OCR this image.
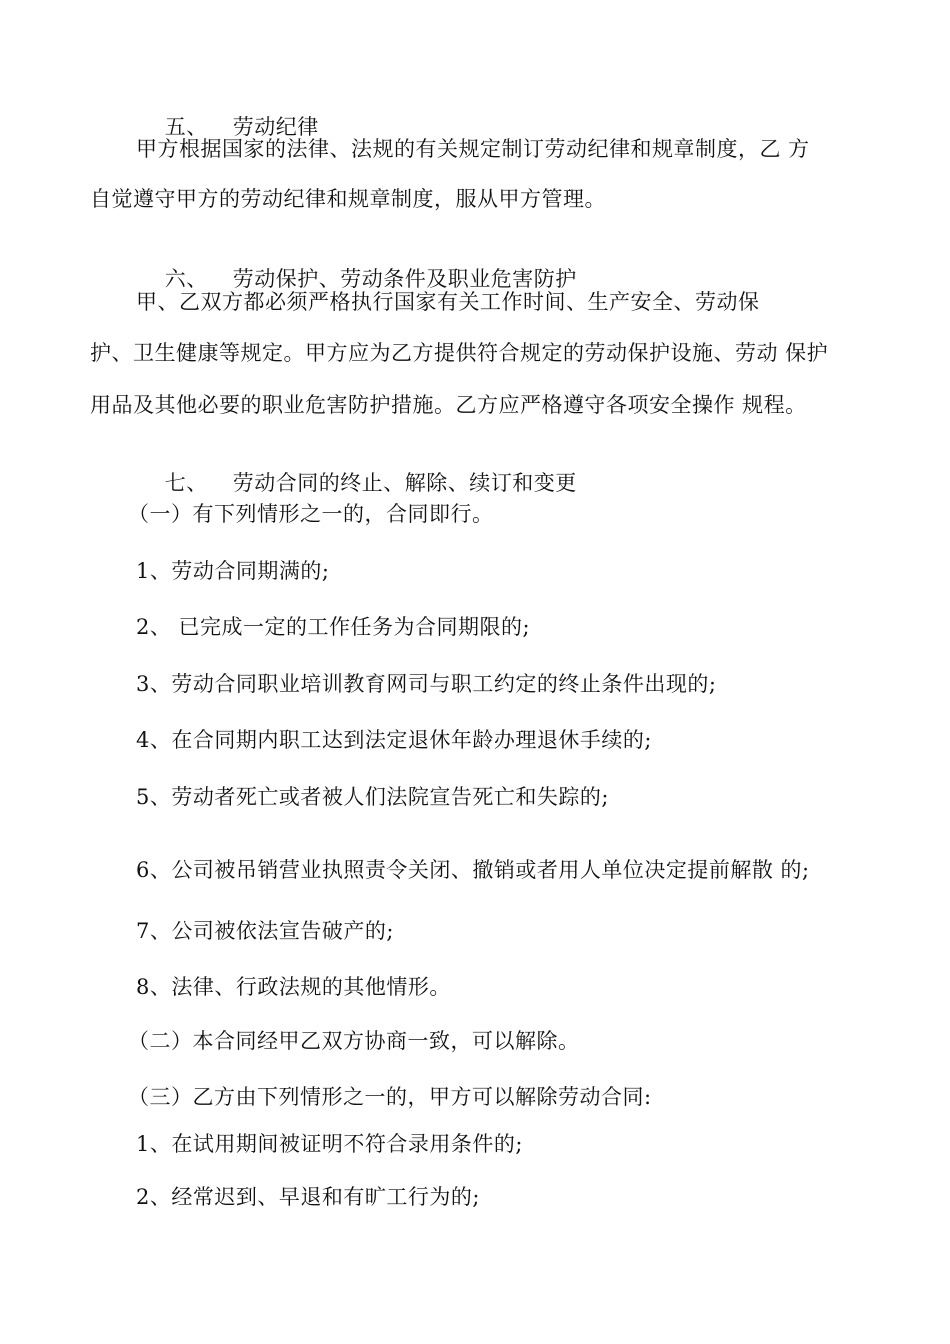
五、 劳动纪律

甲方根据国家的法律、法规的有关规定制订劳动纪律和规章制度，乙 方
自觉遵守甲方的劳动纪律和规章制度，服从甲方管理。

六、 劳动保护、劳动条件及职业危害防护

甲、乙双方都必须严格执行国家有关工作时间、生产安全、劳动保
护、卫生健康等规定。甲方应为乙方提供符合规定的劳动保护设施、劳动 保护
用品及其他必要的职业危害防护措施。乙方应严格遵守各项安全操作 规程。

七、 劳动合同的终止、解除、续订和变更

（一）有下列情形之一的，合同即行。
1、劳动合同期满的;
2、 已完成一定的工作任务为合同期限的;
3、劳动合同职业培训教育网司与职工约定的终止条件出现的;
4、在合同期内职工达到法定退休年龄办理退休手续的;
5、劳动者死亡或者被人们法院宣告死亡和失踪的;
6、公司被吊销营业执照责令关闭、撤销或者用人单位决定提前解散 的;
7、公司被依法宣告破产的;
8、法律、行政法规的其他情形。
（二）本合同经甲乙双方协商一致，可以解除。
（三）乙方由下列情形之一的，甲方可以解除劳动合同:
1、在试用期间被证明不符合录用条件的;
2、经常迟到、早退和有旷工行为的;
